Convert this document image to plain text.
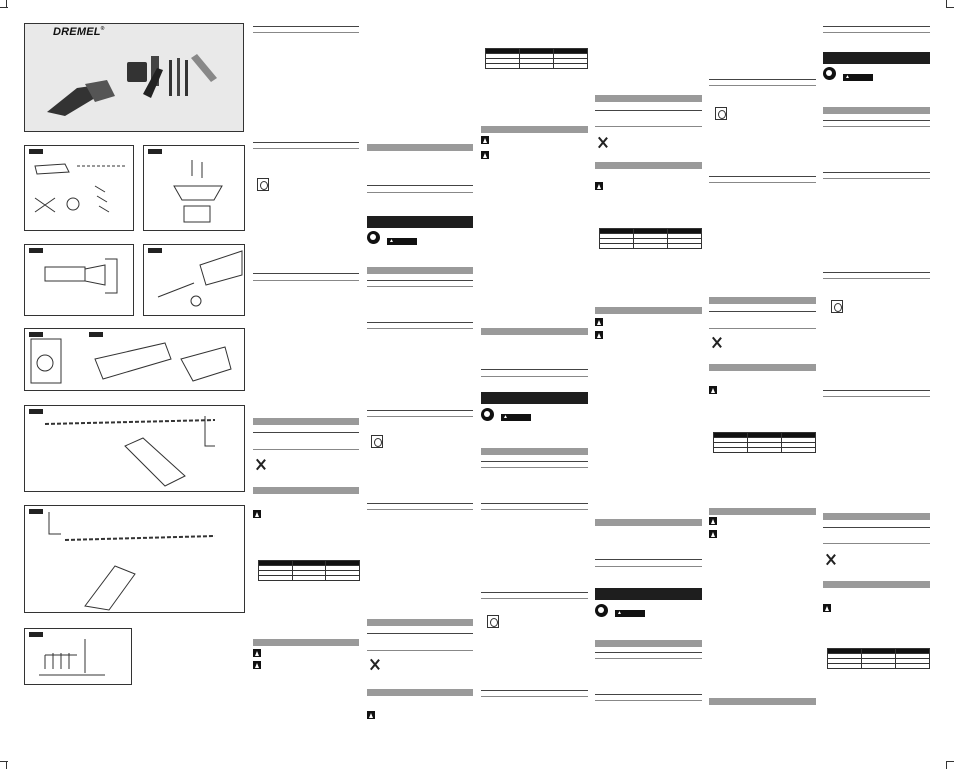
DREMEL®

▲

▲

▲

▲
